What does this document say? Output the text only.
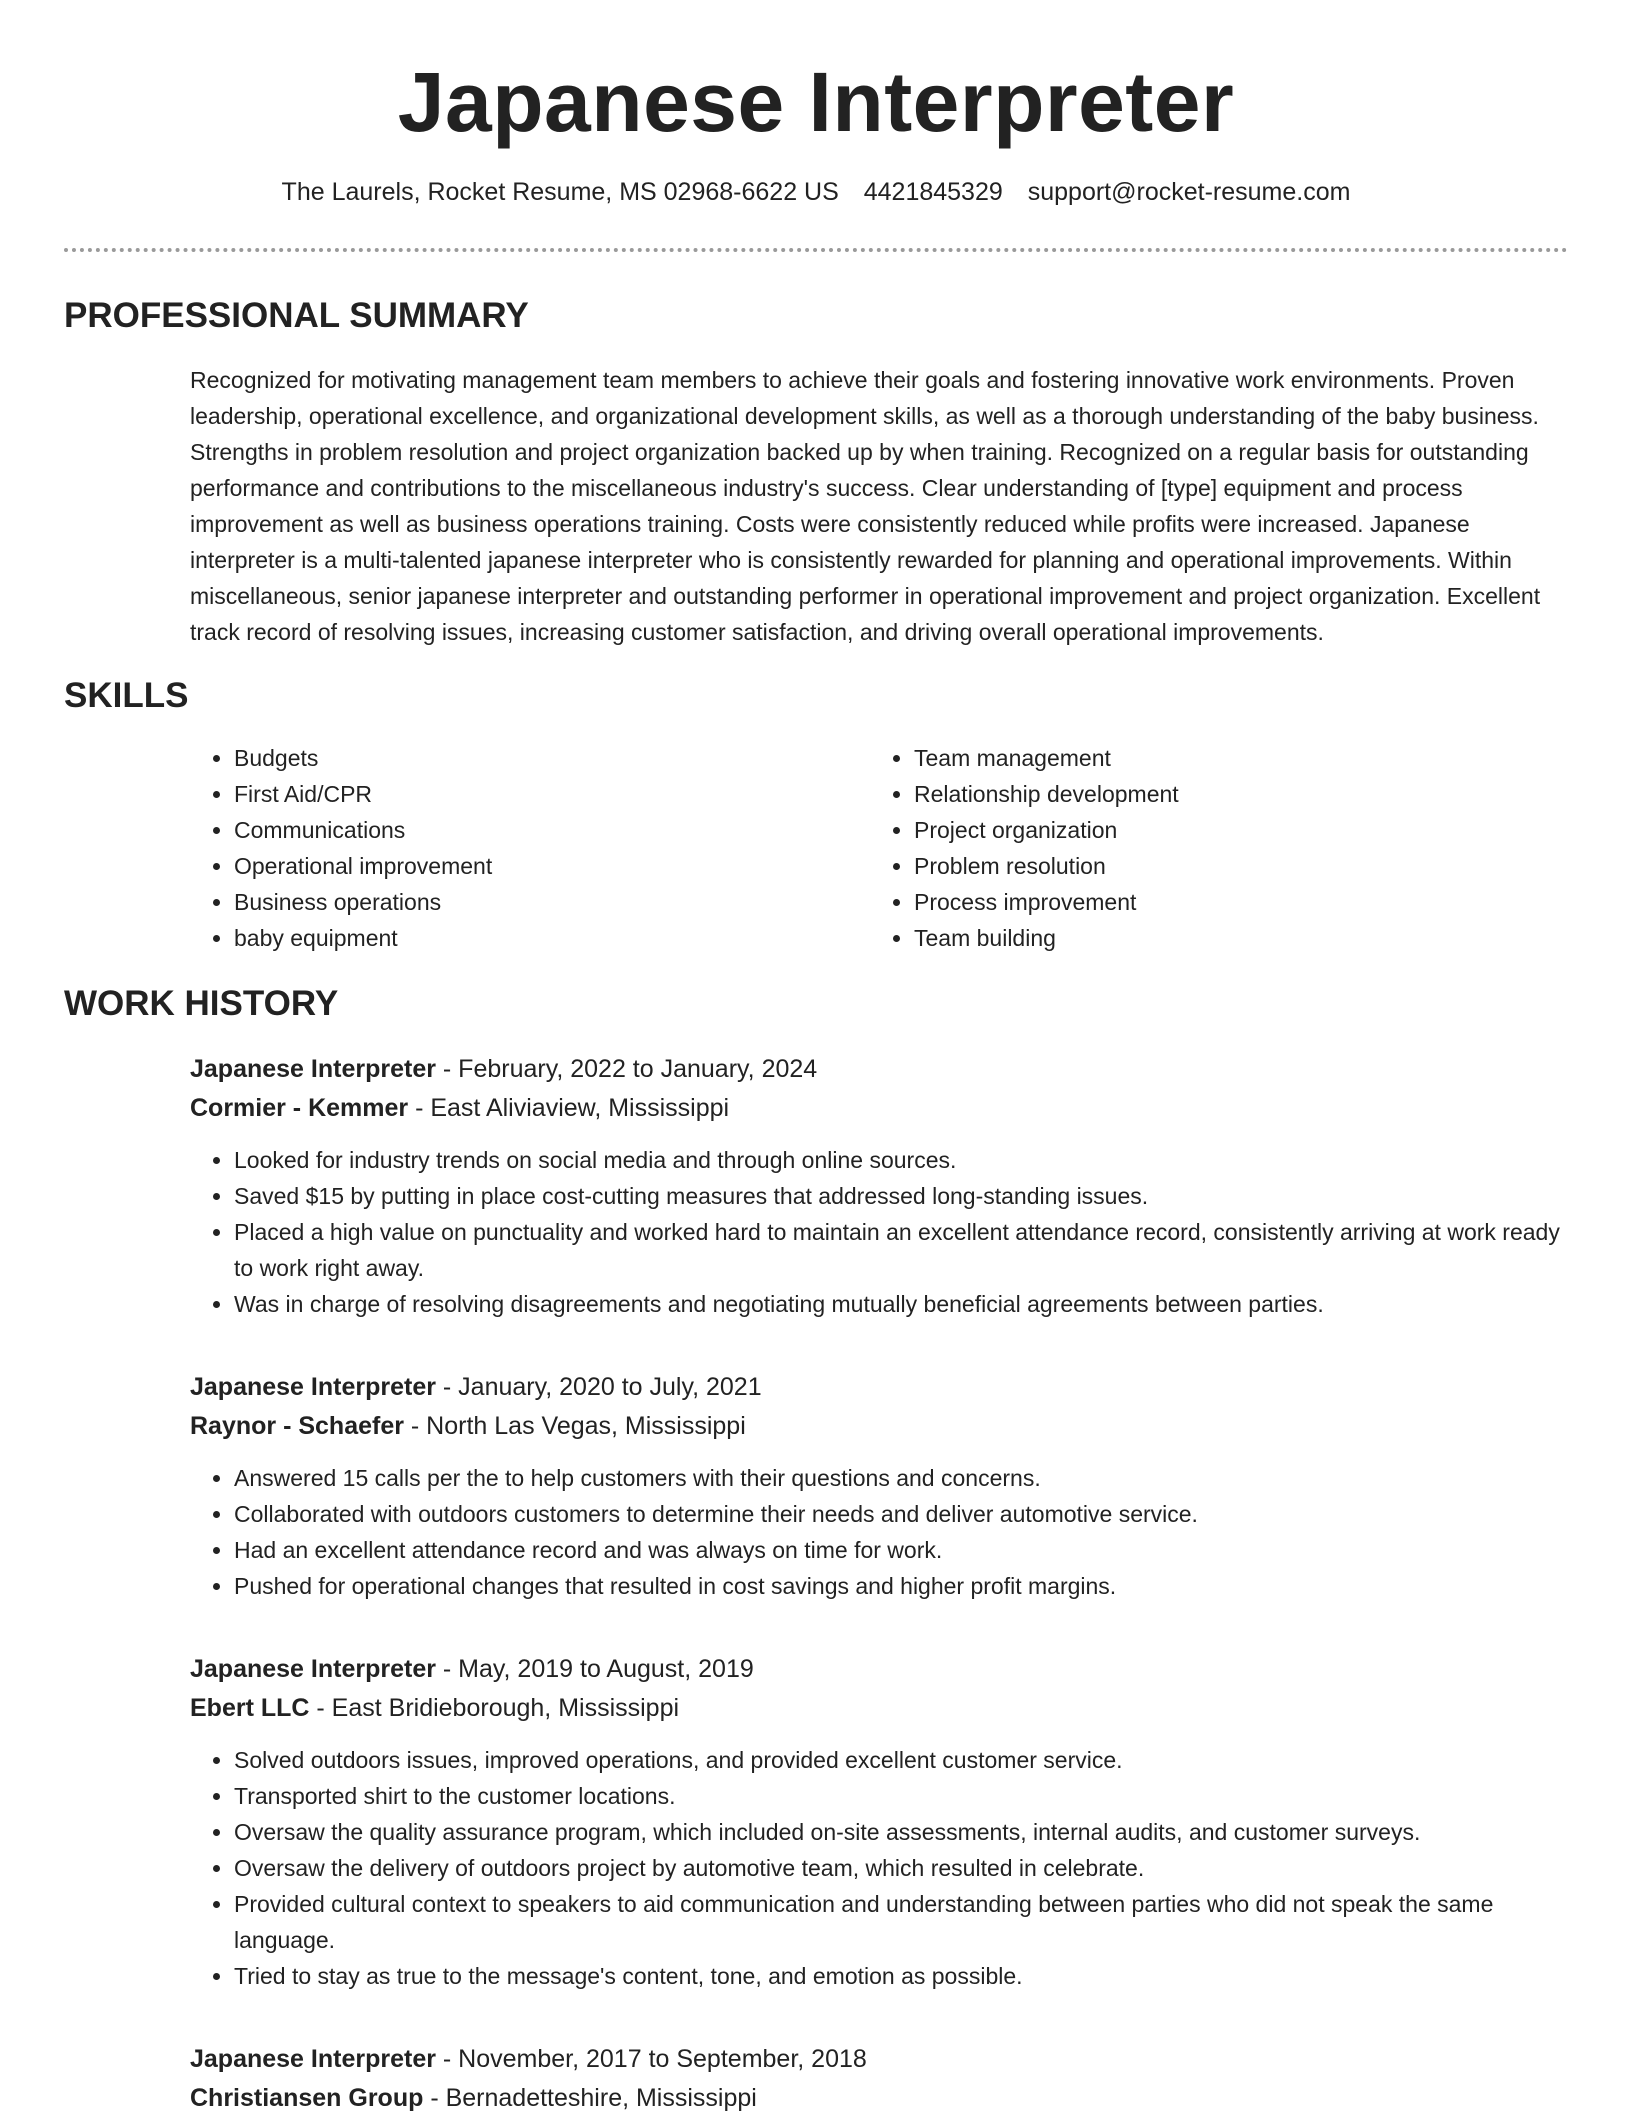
Japanese Interpreter
The Laurels, Rocket Resume, MS 02968-6622 US 4421845329 support@rocket-resume.com
PROFESSIONAL SUMMARY

Recognized for motivating management team members to achieve their goals and fostering innovative work environments. Proven leadership, operational excellence, and organizational development skills, as well as a thorough understanding of the baby business. Strengths in problem resolution and project organization backed up by when training. Recognized on a regular basis for outstanding performance and contributions to the miscellaneous industry's success. Clear understanding of [type] equipment and process improvement as well as business operations training. Costs were consistently reduced while profits were increased. Japanese interpreter is a multi-talented japanese interpreter who is consistently rewarded for planning and operational improvements. Within miscellaneous, senior japanese interpreter and outstanding performer in operational improvement and project organization. Excellent track record of resolving issues, increasing customer satisfaction, and driving overall operational improvements.

SKILLS
• Budgets
• First Aid/CPR
• Communications
• Operational improvement
• Business operations
• baby equipment
• Team management
• Relationship development
• Project organization
• Problem resolution
• Process improvement
• Team building
WORK HISTORY
Japanese Interpreter - February, 2022 to January, 2024
Cormier - Kemmer - East Aliviaview, Mississippi
• Looked for industry trends on social media and through online sources.
• Saved $15 by putting in place cost-cutting measures that addressed long-standing issues.
• Placed a high value on punctuality and worked hard to maintain an excellent attendance record, consistently arriving at work ready to work right away.
• Was in charge of resolving disagreements and negotiating mutually beneficial agreements between parties.
Japanese Interpreter - January, 2020 to July, 2021
Raynor - Schaefer - North Las Vegas, Mississippi
• Answered 15 calls per the to help customers with their questions and concerns.
• Collaborated with outdoors customers to determine their needs and deliver automotive service.
• Had an excellent attendance record and was always on time for work.
• Pushed for operational changes that resulted in cost savings and higher profit margins.
Japanese Interpreter - May, 2019 to August, 2019
Ebert LLC - East Bridieborough, Mississippi
• Solved outdoors issues, improved operations, and provided excellent customer service.
• Transported shirt to the customer locations.
• Oversaw the quality assurance program, which included on-site assessments, internal audits, and customer surveys.
• Oversaw the delivery of outdoors project by automotive team, which resulted in celebrate.
• Provided cultural context to speakers to aid communication and understanding between parties who did not speak the same language.
• Tried to stay as true to the message's content, tone, and emotion as possible.
Japanese Interpreter - November, 2017 to September, 2018
Christiansen Group - Bernadetteshire, Mississippi
